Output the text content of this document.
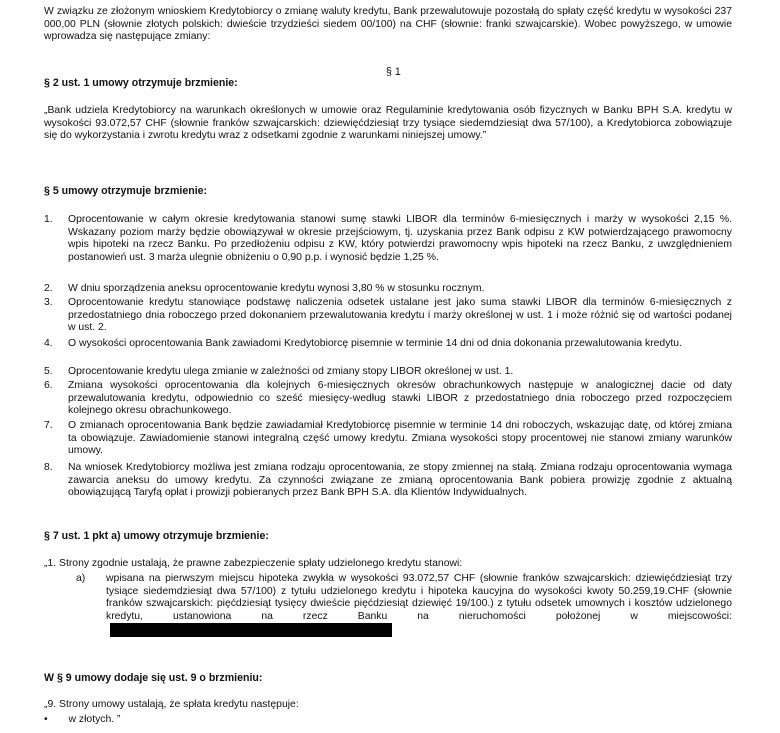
W związku ze złożonym wnioskiem Kredytobiorcy o zmianę waluty kredytu, Bank przewalutowuje pozostałą do spłaty część kredytu w wysokości 237 000,00 PLN (słownie złotych polskich: dwieście trzydzieści siedem 00/100) na CHF (słownie: franki szwajcarskie). Wobec powyższego, w umowie wprowadza się następujące zmiany:
§ 1
§ 2 ust. 1 umowy otrzymuje brzmienie:
„Bank udziela Kredytobiorcy na warunkach określonych w umowie oraz Regulaminie kredytowania osób fizycznych w Banku BPH S.A. kredytu w wysokości 93.072,57 CHF (słownie franków szwajcarskich: dziewięćdziesiąt trzy tysiące siedemdziesiąt dwa 57/100), a Kredytobiorca zobowiązuje się do wykorzystania i zwrotu kredytu wraz z odsetkami zgodnie z warunkami niniejszej umowy.”
§ 5 umowy otrzymuje brzmienie:
1. Oprocentowanie w całym okresie kredytowania stanowi sumę stawki LIBOR dla terminów 6-miesięcznych i marży w wysokości 2,15 %. Wskazany poziom marży będzie obowiązywał w okresie przejściowym, tj. uzyskania przez Bank odpisu z KW potwierdzającego prawomocny wpis hipoteki na rzecz Banku. Po przedłożeniu odpisu z KW, który potwierdzi prawomocny wpis hipoteki na rzecz Banku, z uwzględnieniem postanowień ust. 3 marża ulegnie obniżeniu o 0,90 p.p. i wynosić będzie 1,25 %.
2. W dniu sporządzenia aneksu oprocentowanie kredytu wynosi 3,80 % w stosunku rocznym.
3. Oprocentowanie kredytu stanowiące podstawę naliczenia odsetek ustalane jest jako suma stawki LIBOR dla terminów 6-miesięcznych z przedostatniego dnia roboczego przed dokonaniem przewalutowania kredytu i marży określonej w ust. 1 i może różnić się od wartości podanej w ust. 2.
4. O wysokości oprocentowania Bank zawiadomi Kredytobiorcę pisemnie w terminie 14 dni od dnia dokonania przewalutowania kredytu.
5. Oprocentowanie kredytu ulega zmianie w zależności od zmiany stopy LIBOR określonej w ust. 1.
6. Zmiana wysokości oprocentowania dla kolejnych 6-miesięcznych okresów obrachunkowych następuje w analogicznej dacie od daty przewalutowania kredytu, odpowiednio co sześć miesięcy-według stawki LIBOR z przedostatniego dnia roboczego przed rozpoczęciem kolejnego okresu obrachunkowego.
7. O zmianach oprocentowania Bank będzie zawiadamiał Kredytobiorcę pisemnie w terminie 14 dni roboczych, wskazując datę, od której zmiana ta obowiązuje. Zawiadomienie stanowi integralną część umowy kredytu. Zmiana wysokości stopy procentowej nie stanowi zmiany warunków umowy.
8. Na wniosek Kredytobiorcy możliwa jest zmiana rodzaju oprocentowania, ze stopy zmiennej na stałą. Zmiana rodzaju oprocentowania wymaga zawarcia aneksu do umowy kredytu. Za czynności związane ze zmianą oprocentowania Bank pobiera prowizję zgodnie z aktualną obowiązującą Taryfą opłat i prowizji pobieranych przez Bank BPH S.A. dla Klientów Indywidualnych.
§ 7 ust. 1 pkt a) umowy otrzymuje brzmienie:
„1. Strony zgodnie ustalają, że prawne zabezpieczenie spłaty udzielonego kredytu stanowi:
a) wpisana na pierwszym miejscu hipoteka zwykła w wysokości 93.072,57 CHF (słownie franków szwajcarskich: dziewięćdziesiąt trzy tysiące siedemdziesiąt dwa 57/100) z tytułu udzielonego kredytu i hipoteka kaucyjna do wysokości kwoty 50.259,19.CHF (słownie franków szwajcarskich: pięćdziesiąt tysięcy dwieście pięćdziesiąt dziewięć 19/100.) z tytułu odsetek umownych i kosztów udzielonego kredytu, ustanowiona na rzecz Banku na nieruchomości położonej w miejscowości:
W § 9 umowy dodaje się ust. 9 o brzmieniu:
„9. Strony umowy ustalają, że spłata kredytu następuje:
• w złotych. ”
